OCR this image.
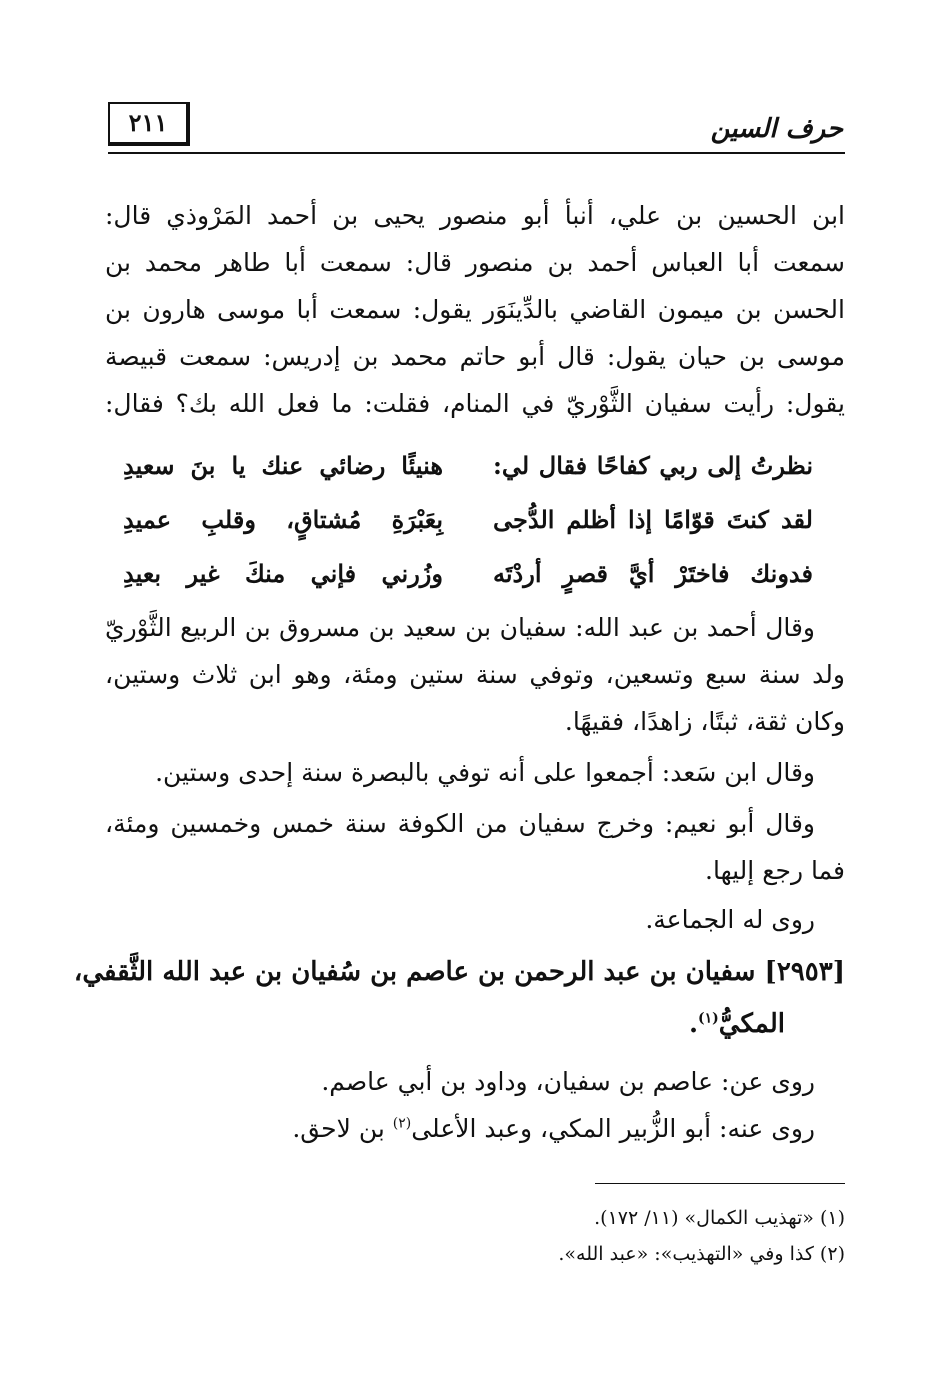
حرف السين
٢١١
ابن الحسين بن علي، أنبأ أبو منصور يحيى بن أحمد المَرْوذي قال:
سمعت أبا العباس أحمد بن منصور قال: سمعت أبا طاهر محمد بن
الحسن بن ميمون القاضي بالدِّينَوَر يقول: سمعت أبا موسى هارون بن
موسى بن حيان يقول: قال أبو حاتم محمد بن إدريس: سمعت قبيصة
يقول: رأيت سفيان الثَّوْريّ في المنام، فقلت: ما فعل الله بك؟ فقال:
نظرتُ إلى ربي كفاحًا فقال لي:
هنيئًا رضائي عنك يا بنَ سعيدِ
لقد كنتَ قوّامًا إذا أظلم الدُّجى
بِعَبْرَةِ مُشتاقٍ، وقلبِ عميدِ
فدونك فاختَرْ أيَّ قصرٍ أردْتَه
وزُرني فإني منكَ غير بعيدِ
وقال أحمد بن عبد الله: سفيان بن سعيد بن مسروق بن الربيع الثَّوْريّ
ولد سنة سبع وتسعين، وتوفي سنة ستين ومئة، وهو ابن ثلاث وستين،
وكان ثقة، ثبتًا، زاهدًا، فقيهًا.
وقال ابن سَعد: أجمعوا على أنه توفي بالبصرة سنة إحدى وستين.
وقال أبو نعيم: وخرج سفيان من الكوفة سنة خمس وخمسين ومئة،
فما رجع إليها.
روى له الجماعة.
[٢٩٥٣] سفيان بن عبد الرحمن بن عاصم بن سُفيان بن عبد الله الثَّقفي،
المكيُّ$^{(١)}$.
روى عن: عاصم بن سفيان، وداود بن أبي عاصم.
روى عنه: أبو الزُّبير المكي، وعبد الأعلى$^{(٢)}$ بن لاحق.
(١) «تهذيب الكمال» (١١/ ١٧٢).
(٢) كذا وفي «التهذيب»: «عبد الله».
